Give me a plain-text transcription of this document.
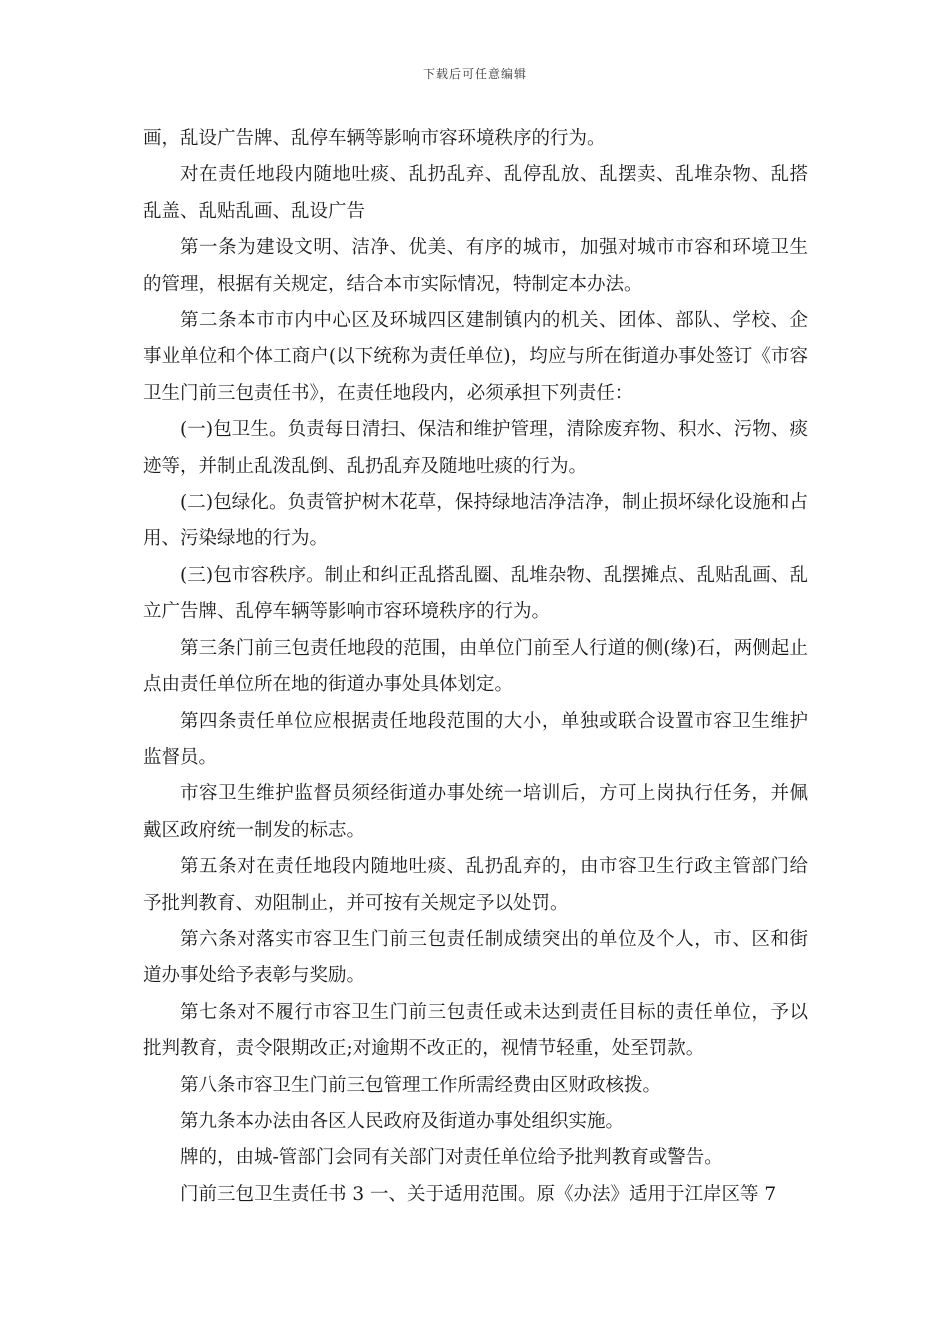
下载后可任意编辑

画，乱设广告牌、乱停车辆等影响市容环境秩序的行为。

对在责任地段内随地吐痰、乱扔乱弃、乱停乱放、乱摆卖、乱堆杂物、乱搭乱盖、乱贴乱画、乱设广告

第一条为建设文明、洁净、优美、有序的城市，加强对城市市容和环境卫生的管理，根据有关规定，结合本市实际情况，特制定本办法。

第二条本市市内中心区及环城四区建制镇内的机关、团体、部队、学校、企事业单位和个体工商户(以下统称为责任单位)，均应与所在街道办事处签订《市容卫生门前三包责任书》，在责任地段内，必须承担下列责任：

(一)包卫生。负责每日清扫、保洁和维护管理，清除废弃物、积水、污物、痰迹等，并制止乱泼乱倒、乱扔乱弃及随地吐痰的行为。

(二)包绿化。负责管护树木花草，保持绿地洁净洁净，制止损坏绿化设施和占用、污染绿地的行为。

(三)包市容秩序。制止和纠正乱搭乱圈、乱堆杂物、乱摆摊点、乱贴乱画、乱立广告牌、乱停车辆等影响市容环境秩序的行为。

第三条门前三包责任地段的范围，由单位门前至人行道的侧(缘)石，两侧起止点由责任单位所在地的街道办事处具体划定。

第四条责任单位应根据责任地段范围的大小，单独或联合设置市容卫生维护监督员。

市容卫生维护监督员须经街道办事处统一培训后，方可上岗执行任务，并佩戴区政府统一制发的标志。

第五条对在责任地段内随地吐痰、乱扔乱弃的，由市容卫生行政主管部门给予批判教育、劝阻制止，并可按有关规定予以处罚。

第六条对落实市容卫生门前三包责任制成绩突出的单位及个人，市、区和街道办事处给予表彰与奖励。

第七条对不履行市容卫生门前三包责任或未达到责任目标的责任单位，予以批判教育，责令限期改正;对逾期不改正的，视情节轻重，处至罚款。

第八条市容卫生门前三包管理工作所需经费由区财政核拨。

第九条本办法由各区人民政府及街道办事处组织实施。

牌的，由城-管部门会同有关部门对责任单位给予批判教育或警告。

门前三包卫生责任书 3 一、关于适用范围。原《办法》适用于江岸区等 7
